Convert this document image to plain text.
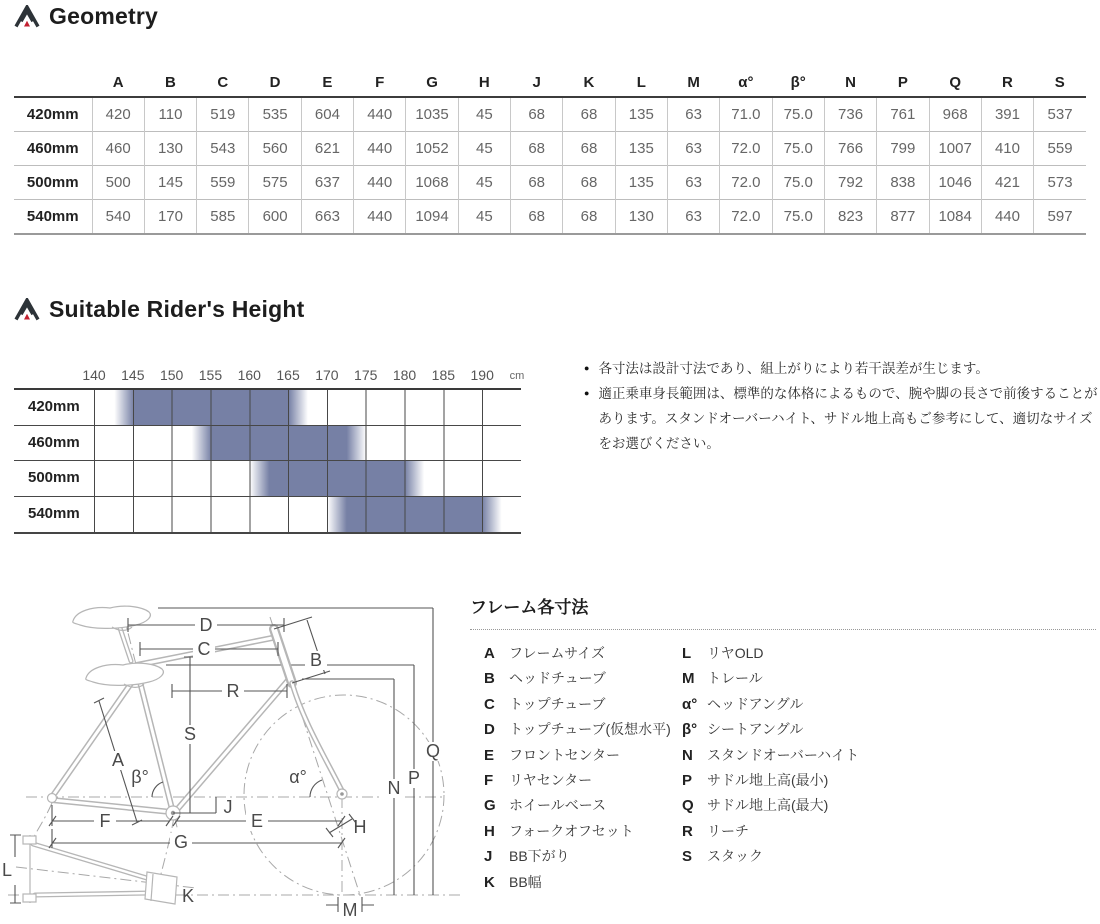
Geometry
	A	B	C	D	E	F	G	H	J	K	L	M	α°	β°	N	P	Q	R	S
420mm	420	110	519	535	604	440	1035	45	68	68	135	63	71.0	75.0	736	761	968	391	537
460mm	460	130	543	560	621	440	1052	45	68	68	135	63	72.0	75.0	766	799	1007	410	559
500mm	500	145	559	575	637	440	1068	45	68	68	135	63	72.0	75.0	792	838	1046	421	573
540mm	540	170	585	600	663	440	1094	45	68	68	130	63	72.0	75.0	823	877	1084	440	597
Suitable Rider's Height
cm
140 145 150 155 160 165 170 175 180 185 190
420mm
460mm
500mm
540mm
● 各寸法は設計寸法であり、組上がりにより若干誤差が生じます。
● 適正乗車身長範囲は、標準的な体格によるもので、腕や脚の長さで前後することがあります。スタンドオーバーハイト、サドル地上高もご参考にして、適切なサイズをお選びください。
D
C
B
R
S
A
β°	α°
J
F	E
G
H
K
L
M
N P
Q
フレーム各寸法
A	フレームサイズ
B	ヘッドチューブ
C	トップチューブ
D	トップチューブ(仮想水平)
E	フロントセンター
F	リヤセンター
G ホイールベース
H	フォークオフセット
J	BB下がり
K	BB幅
L	リヤOLD
M トレール
α° ヘッドアングル
β° シートアングル
N	スタンドオーバーハイト
P	サドル地上高(最小)
Q サドル地上高(最大)
R	リーチ
S	スタック
